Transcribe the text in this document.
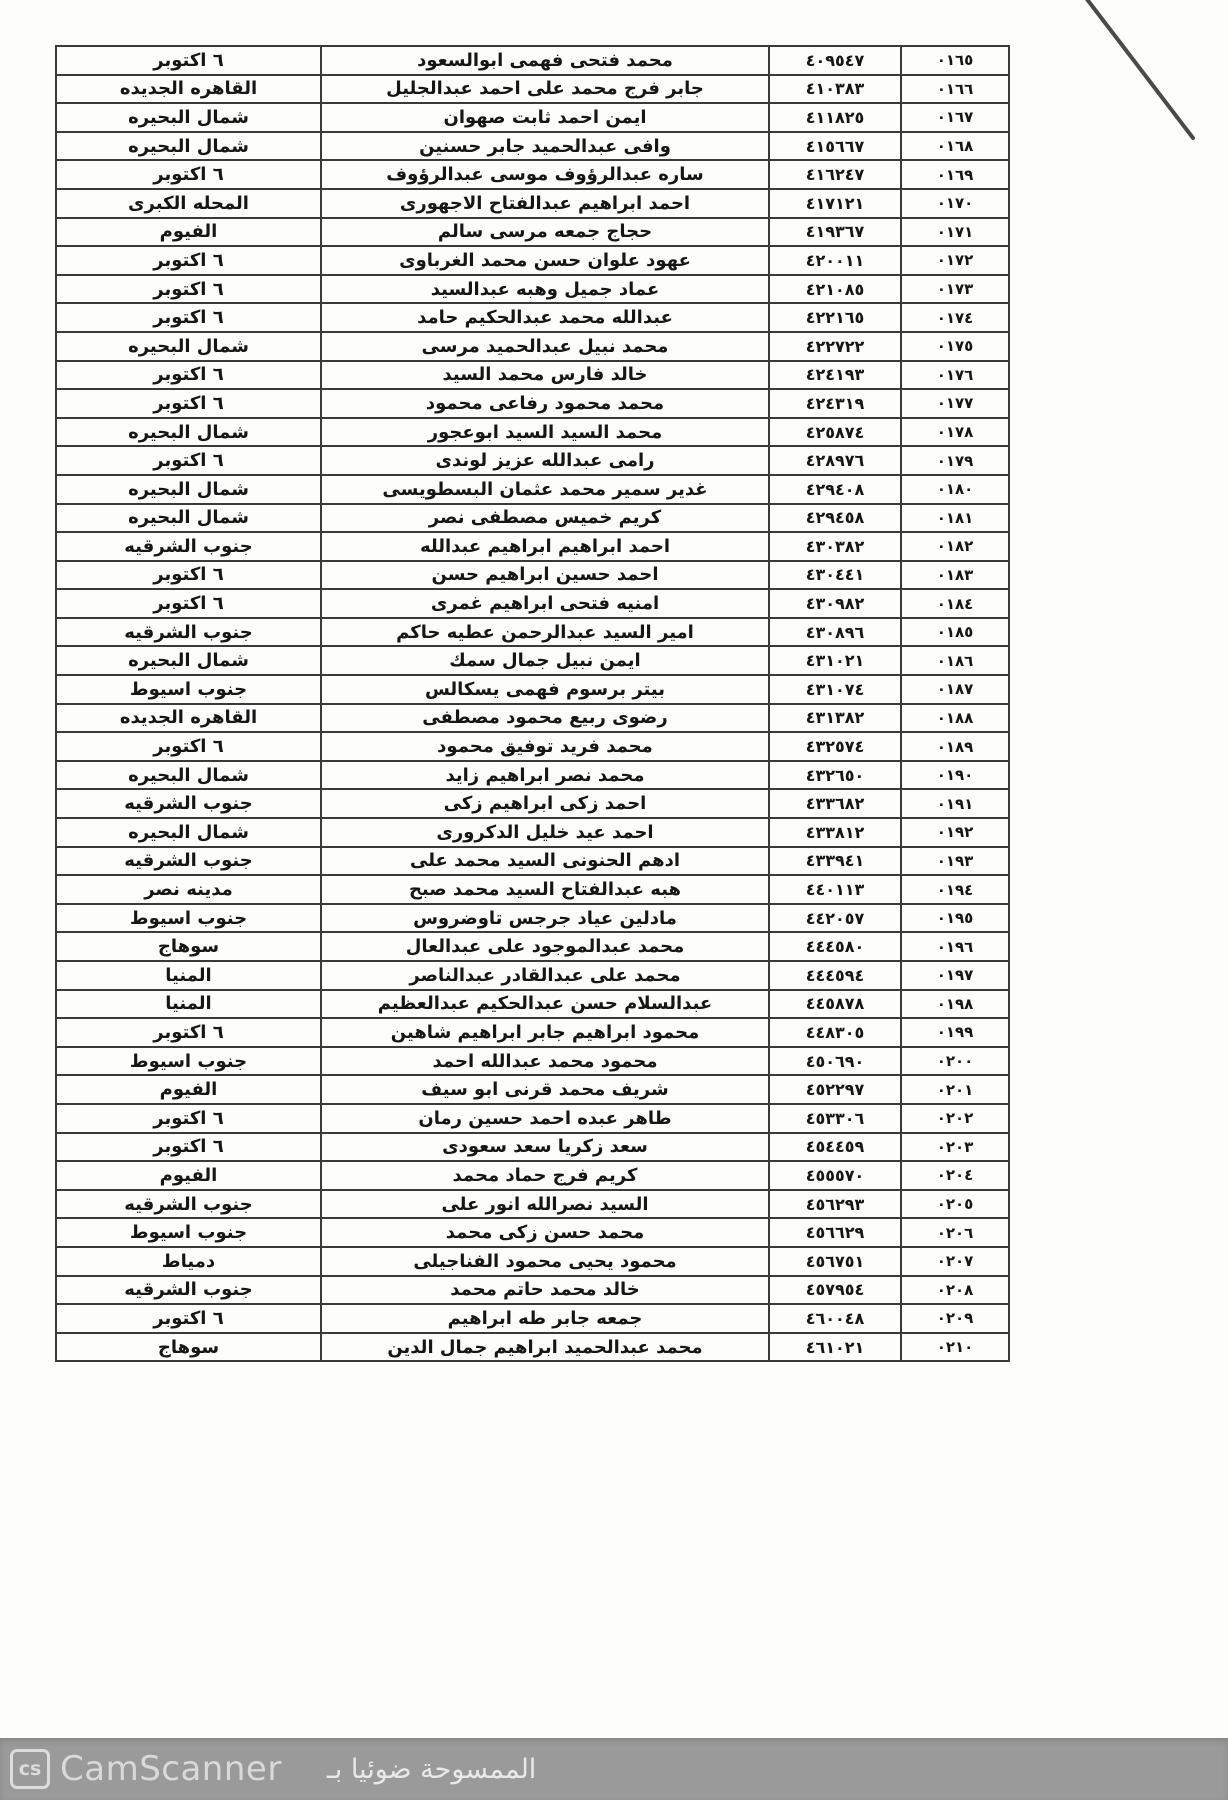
٠١٦٥	٤٠٩٥٤٧	محمد فتحى فهمى ابوالسعود	٦ اكتوبر
٠١٦٦	٤١٠٣٨٣	جابر فرج محمد على احمد عبدالجليل	القاهره الجديده
٠١٦٧	٤١١٨٢٥	ايمن احمد ثابت صهوان	شمال البحيره
٠١٦٨	٤١٥٦٦٧	وافى عبدالحميد جابر حسنين	شمال البحيره
٠١٦٩	٤١٦٢٤٧	ساره عبدالرؤوف موسى عبدالرؤوف	٦ اكتوبر
٠١٧٠	٤١٧١٢١	احمد ابراهيم عبدالفتاح الاجهورى	المحله الكبرى
٠١٧١	٤١٩٣٦٧	حجاج جمعه مرسى سالم	الفيوم
٠١٧٢	٤٢٠٠١١	عهود علوان حسن محمد الغرباوى	٦ اكتوبر
٠١٧٣	٤٢١٠٨٥	عماد جميل وهبه عبدالسيد	٦ اكتوبر
٠١٧٤	٤٢٢١٦٥	عبدالله محمد عبدالحكيم حامد	٦ اكتوبر
٠١٧٥	٤٢٢٧٢٢	محمد نبيل عبدالحميد مرسى	شمال البحيره
٠١٧٦	٤٢٤١٩٣	خالد فارس محمد السيد	٦ اكتوبر
٠١٧٧	٤٢٤٣١٩	محمد محمود رفاعى محمود	٦ اكتوبر
٠١٧٨	٤٢٥٨٧٤	محمد السيد السيد ابوعجور	شمال البحيره
٠١٧٩	٤٢٨٩٧٦	رامى عبدالله عزيز لوندى	٦ اكتوبر
٠١٨٠	٤٢٩٤٠٨	غدير سمير محمد عثمان البسطويسى	شمال البحيره
٠١٨١	٤٢٩٤٥٨	كريم خميس مصطفى نصر	شمال البحيره
٠١٨٢	٤٣٠٣٨٢	احمد ابراهيم ابراهيم عبدالله	جنوب الشرقيه
٠١٨٣	٤٣٠٤٤١	احمد حسين ابراهيم حسن	٦ اكتوبر
٠١٨٤	٤٣٠٩٨٢	امنيه فتحى ابراهيم غمرى	٦ اكتوبر
٠١٨٥	٤٣٠٨٩٦	امير السيد عبدالرحمن عطيه حاكم	جنوب الشرقيه
٠١٨٦	٤٣١٠٢١	ايمن نبيل جمال سمك	شمال البحيره
٠١٨٧	٤٣١٠٧٤	بيتر برسوم فهمى يسكالس	جنوب اسيوط
٠١٨٨	٤٣١٣٨٢	رضوى ربيع محمود مصطفى	القاهره الجديده
٠١٨٩	٤٣٢٥٧٤	محمد فريد توفيق محمود	٦ اكتوبر
٠١٩٠	٤٣٢٦٥٠	محمد نصر ابراهيم زايد	شمال البحيره
٠١٩١	٤٣٣٦٨٢	احمد زكى ابراهيم زكى	جنوب الشرقيه
٠١٩٢	٤٣٣٨١٢	احمد عيد خليل الدكرورى	شمال البحيره
٠١٩٣	٤٣٣٩٤١	ادهم الحنونى السيد محمد على	جنوب الشرقيه
٠١٩٤	٤٤٠١١٣	هبه عبدالفتاح السيد محمد صبح	مدينه نصر
٠١٩٥	٤٤٢٠٥٧	مادلين عياد جرجس تاوضروس	جنوب اسيوط
٠١٩٦	٤٤٤٥٨٠	محمد عبدالموجود على عبدالعال	سوهاج
٠١٩٧	٤٤٤٥٩٤	محمد على عبدالقادر عبدالناصر	المنيا
٠١٩٨	٤٤٥٨٧٨	عبدالسلام حسن عبدالحكيم عبدالعظيم	المنيا
٠١٩٩	٤٤٨٣٠٥	محمود ابراهيم جابر ابراهيم شاهين	٦ اكتوبر
٠٢٠٠	٤٥٠٦٩٠	محمود محمد عبدالله احمد	جنوب اسيوط
٠٢٠١	٤٥٢٢٩٧	شريف محمد قرنى ابو سيف	الفيوم
٠٢٠٢	٤٥٣٣٠٦	طاهر عبده احمد حسين رمان	٦ اكتوبر
٠٢٠٣	٤٥٤٤٥٩	سعد زكريا سعد سعودى	٦ اكتوبر
٠٢٠٤	٤٥٥٥٧٠	كريم فرج حماد محمد	الفيوم
٠٢٠٥	٤٥٦٢٩٣	السيد نصرالله انور على	جنوب الشرقيه
٠٢٠٦	٤٥٦٦٢٩	محمد حسن زكى محمد	جنوب اسيوط
٠٢٠٧	٤٥٦٧٥١	محمود يحيى محمود الفناجيلى	دمياط
٠٢٠٨	٤٥٧٩٥٤	خالد محمد حاتم محمد	جنوب الشرقيه
٠٢٠٩	٤٦٠٠٤٨	جمعه جابر طه ابراهيم	٦ اكتوبر
٠٢١٠	٤٦١٠٢١	محمد عبدالحميد ابراهيم جمال الدين	سوهاج
cs CamScanner الممسوحة ضوئيا بـ
